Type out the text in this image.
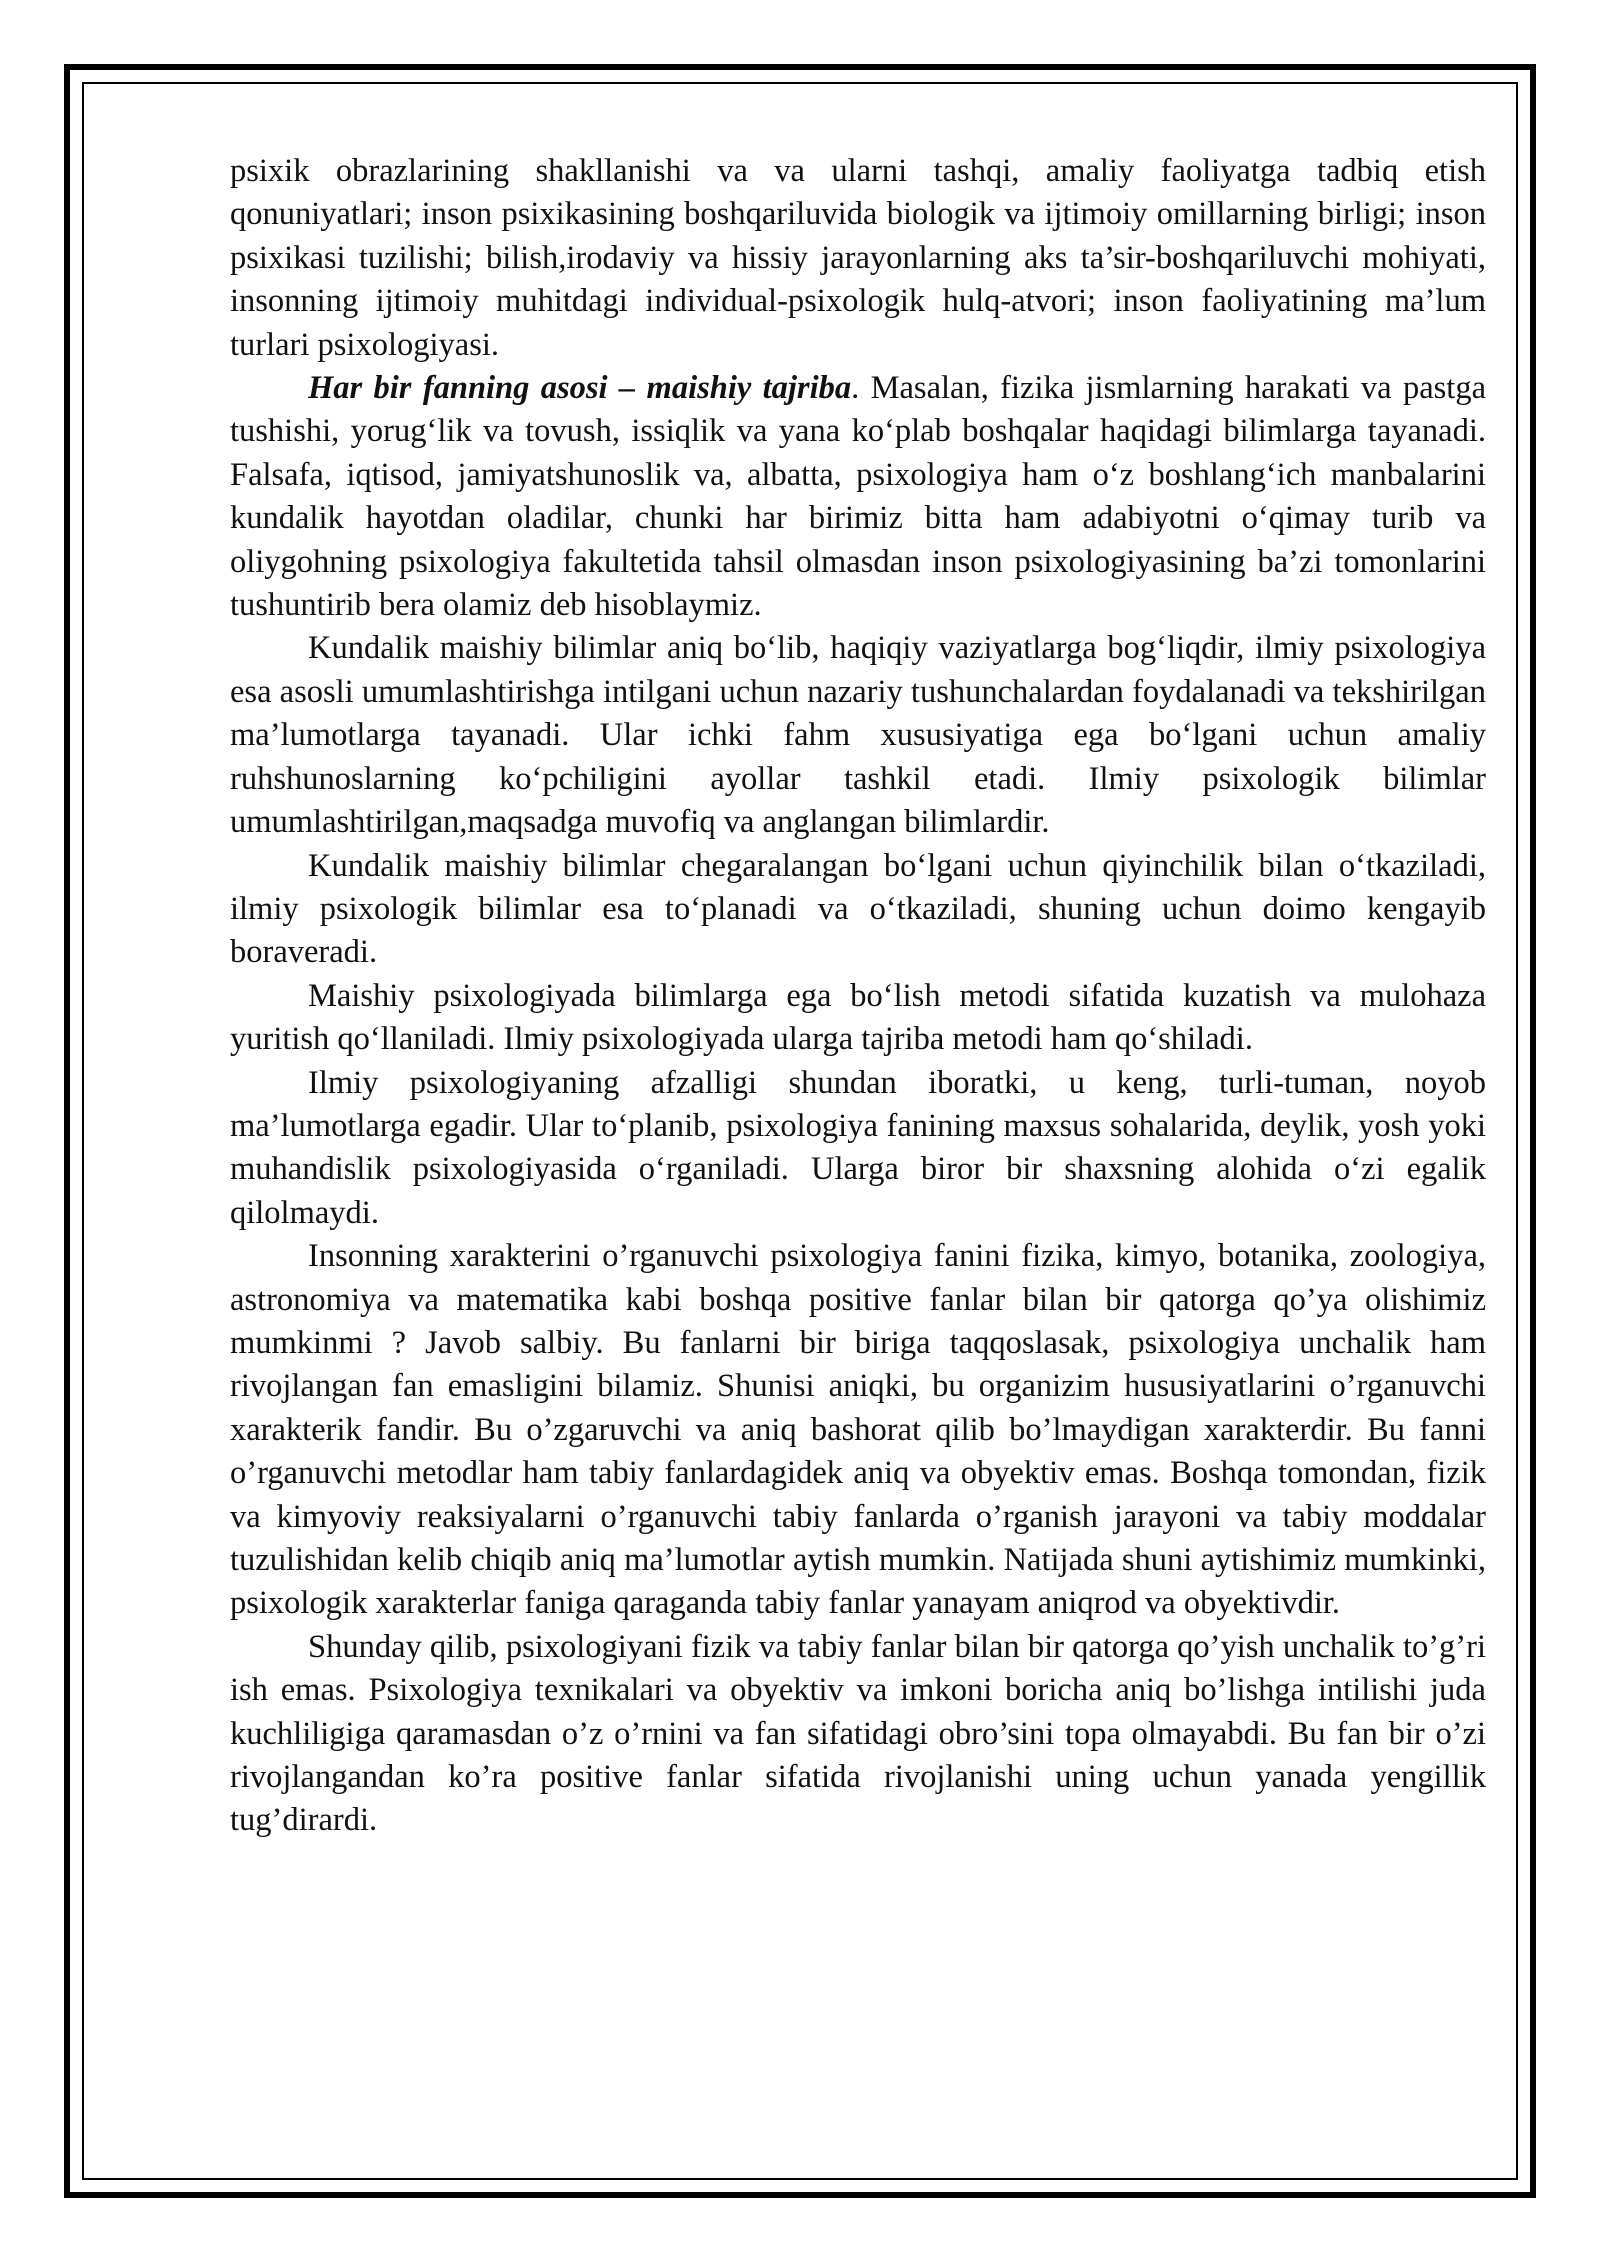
psixik obrazlarining shakllanishi va va ularni tashqi, amaliy faoliyatga tadbiq etish qonuniyatlari; inson psixikasining boshqariluvida biologik va ijtimoiy omillarning birligi; inson psixikasi tuzilishi; bilish,irodaviy va hissiy jarayonlarning aks ta’sir-boshqariluvchi mohiyati, insonning ijtimoiy muhitdagi individual-psixologik hulq-atvori; inson faoliyatining ma’lum turlari psixologiyasi.

Har bir fanning asosi – maishiy tajriba. Masalan, fizika jismlarning harakati va pastga tushishi, yorug‘lik va tovush, issiqlik va yana ko‘plab boshqalar haqidagi bilimlarga tayanadi. Falsafa, iqtisod, jamiyatshunoslik va, albatta, psixologiya ham o‘z boshlang‘ich manbalarini kundalik hayotdan oladilar, chunki har birimiz bitta ham adabiyotni o‘qimay turib va oliygohning psixologiya fakultetida tahsil olmasdan inson psixologiyasining ba’zi tomonlarini tushuntirib bera olamiz deb hisoblaymiz.

Kundalik maishiy bilimlar aniq bo‘lib, haqiqiy vaziyatlarga bog‘liqdir, ilmiy psixologiya esa asosli umumlashtirishga intilgani uchun nazariy tushunchalardan foydalanadi va tekshirilgan ma’lumotlarga tayanadi. Ular ichki fahm xususiyatiga ega bo‘lgani uchun amaliy ruhshunoslarning ko‘pchiligini ayollar tashkil etadi. Ilmiy psixologik bilimlar umumlashtirilgan,maqsadga muvofiq va anglangan bilimlardir.

Kundalik maishiy bilimlar chegaralangan bo‘lgani uchun qiyinchilik bilan o‘tkaziladi, ilmiy psixologik bilimlar esa to‘planadi va o‘tkaziladi, shuning uchun doimo kengayib boraveradi.

Maishiy psixologiyada bilimlarga ega bo‘lish metodi sifatida kuzatish va mulohaza yuritish qo‘llaniladi. Ilmiy psixologiyada ularga tajriba metodi ham qo‘shiladi.

Ilmiy psixologiyaning afzalligi shundan iboratki, u keng, turli-tuman, noyob ma’lumotlarga egadir. Ular to‘planib, psixologiya fanining maxsus sohalarida, deylik, yosh yoki muhandislik psixologiyasida o‘rganiladi. Ularga biror bir shaxsning alohida o‘zi egalik qilolmaydi.

Insonning xarakterini o’rganuvchi psixologiya fanini fizika, kimyo, botanika, zoologiya, astronomiya va matematika kabi boshqa positive fanlar bilan bir qatorga qo’ya olishimiz mumkinmi ? Javob salbiy. Bu fanlarni bir biriga taqqoslasak, psixologiya unchalik ham rivojlangan fan emasligini bilamiz. Shunisi aniqki, bu organizim hususiyatlarini o’rganuvchi xarakterik fandir. Bu o’zgaruvchi va aniq bashorat qilib bo’lmaydigan xarakterdir. Bu fanni o’rganuvchi metodlar ham tabiy fanlardagidek aniq va obyektiv emas. Boshqa tomondan, fizik va kimyoviy reaksiyalarni o’rganuvchi tabiy fanlarda o’rganish jarayoni va tabiy moddalar tuzulishidan kelib chiqib aniq ma’lumotlar aytish mumkin. Natijada shuni aytishimiz mumkinki, psixologik xarakterlar faniga qaraganda tabiy fanlar yanayam aniqrod va obyektivdir.

Shunday qilib, psixologiyani fizik va tabiy fanlar bilan bir qatorga qo’yish unchalik to’g’ri ish emas. Psixologiya texnikalari va obyektiv va imkoni boricha aniq bo’lishga intilishi juda kuchliligiga qaramasdan o’z o’rnini va fan sifatidagi obro’sini topa olmayabdi. Bu fan bir o’zi rivojlangandan ko’ra positive fanlar sifatida rivojlanishi uning uchun yanada yengillik tug’dirardi.
